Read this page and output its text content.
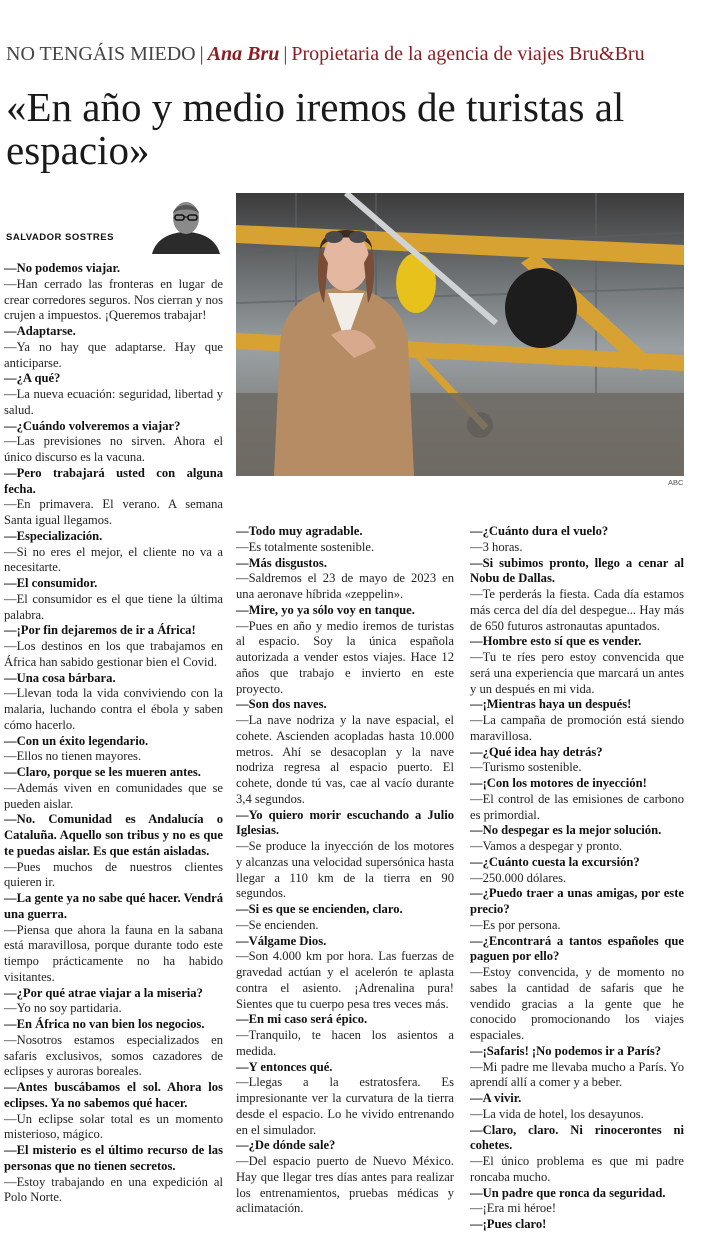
NO TENGÁIS MIEDO | Ana Bru | Propietaria de la agencia de viajes Bru&Bru
«En año y medio iremos de turistas al espacio»
SALVADOR SOSTRES
ABC

—No podemos viajar.

—Han cerrado las fronteras en lugar de crear corredores seguros. Nos cierran y nos crujen a impuestos. ¡Queremos trabajar!

—Adaptarse.

—Ya no hay que adaptarse. Hay que anticiparse.

—¿A qué?

—La nueva ecuación: seguridad, libertad y salud.

—¿Cuándo volveremos a viajar?

—Las previsiones no sirven. Ahora el único discurso es la vacuna.

—Pero trabajará usted con alguna fecha.

—En primavera. El verano. A semana Santa igual llegamos.

—Especialización.

—Si no eres el mejor, el cliente no va a necesitarte.

—El consumidor.

—El consumidor es el que tiene la última palabra.

—¡Por fin dejaremos de ir a África!

—Los destinos en los que trabajamos en África han sabido gestionar bien el Covid.

—Una cosa bárbara.

—Llevan toda la vida conviviendo con la malaria, luchando contra el ébola y saben cómo hacerlo.

—Con un éxito legendario.

—Ellos no tienen mayores.

—Claro, porque se les mueren antes.

—Además viven en comunidades que se pueden aislar.

—No. Comunidad es Andalucía o Cataluña. Aquello son tribus y no es que te puedas aislar. Es que están aisladas.

—Pues muchos de nuestros clientes quieren ir.

—La gente ya no sabe qué hacer. Vendrá una guerra.

—Piensa que ahora la fauna en la sabana está maravillosa, porque durante todo este tiempo prácticamente no ha habido visitantes.

—¿Por qué atrae viajar a la miseria?

—Yo no soy partidaria.

—En África no van bien los negocios.

—Nosotros estamos especializados en safaris exclusivos, somos cazadores de eclipses y auroras boreales.

—Antes buscábamos el sol. Ahora los eclipses. Ya no sabemos qué hacer.

—Un eclipse solar total es un momento misterioso, mágico.

—El misterio es el último recurso de las personas que no tienen secretos.

—Estoy trabajando en una expedición al Polo Norte.

—Todo muy agradable.

—Es totalmente sostenible.

—Más disgustos.

—Saldremos el 23 de mayo de 2023 en una aeronave híbrida «zeppelin».

—Mire, yo ya sólo voy en tanque.

—Pues en año y medio iremos de turistas al espacio. Soy la única española autorizada a vender estos viajes. Hace 12 años que trabajo e invierto en este proyecto.

—Son dos naves.

—La nave nodriza y la nave espacial, el cohete. Ascienden acopladas hasta 10.000 metros. Ahí se desacoplan y la nave nodriza regresa al espacio puerto. El cohete, donde tú vas, cae al vacío durante 3,4 segundos.

—Yo quiero morir escuchando a Julio Iglesias.

—Se produce la inyección de los motores y alcanzas una velocidad supersónica hasta llegar a 110 km de la tierra en 90 segundos.

—Si es que se encienden, claro.

—Se encienden.

—Válgame Dios.

—Son 4.000 km por hora. Las fuerzas de gravedad actúan y el acelerón te aplasta contra el asiento. ¡Adrenalina pura! Sientes que tu cuerpo pesa tres veces más.

—En mi caso será épico.

—Tranquilo, te hacen los asientos a medida.

—Y entonces qué.

—Llegas a la estratosfera. Es impresionante ver la curvatura de la tierra desde el espacio. Lo he vivido entrenando en el simulador.

—¿De dónde sale?

—Del espacio puerto de Nuevo México. Hay que llegar tres días antes para realizar los entrenamientos, pruebas médicas y aclimatación.

—¿Cuánto dura el vuelo?

—3 horas.

—Si subimos pronto, llego a cenar al Nobu de Dallas.

—Te perderás la fiesta. Cada día estamos más cerca del día del despegue... Hay más de 650 futuros astronautas apuntados.

—Hombre esto sí que es vender.

—Tu te ríes pero estoy convencida que será una experiencia que marcará un antes y un después en mi vida.

—¡Mientras haya un después!

—La campaña de promoción está siendo maravillosa.

—¿Qué idea hay detrás?

—Turismo sostenible.

—¡Con los motores de inyección!

—El control de las emisiones de carbono es primordial.

—No despegar es la mejor solución.

—Vamos a despegar y pronto.

—¿Cuánto cuesta la excursión?

—250.000 dólares.

—¿Puedo traer a unas amigas, por este precio?

—Es por persona.

—¿Encontrará a tantos españoles que paguen por ello?

—Estoy convencida, y de momento no sabes la cantidad de safaris que he vendido gracias a la gente que he conocido promocionando los viajes espaciales.

—¡Safaris! ¡No podemos ir a París?

—Mi padre me llevaba mucho a París. Yo aprendí allí a comer y a beber.

—A vivir.

—La vida de hotel, los desayunos.

—Claro, claro. Ni rinocerontes ni cohetes.

—El único problema es que mi padre roncaba mucho.

—Un padre que ronca da seguridad.

—¡Era mi héroe!

—¡Pues claro!
